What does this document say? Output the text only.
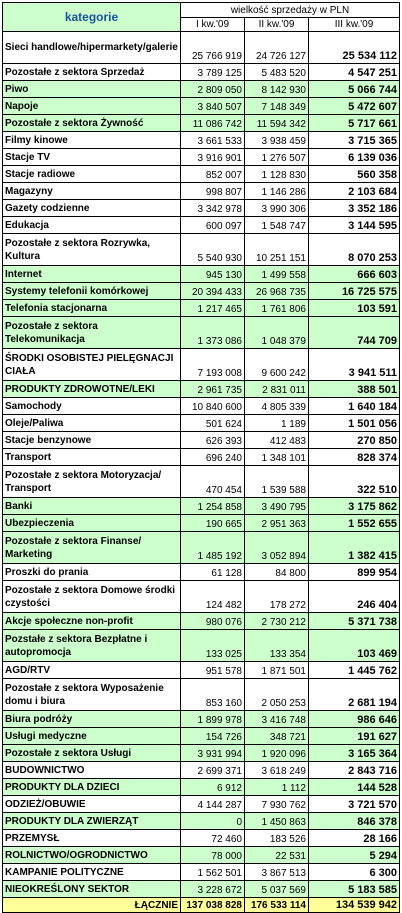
kategorie	wielkość sprzedaży w PLN		
	I kw.'09	II kw.'09	III kw.'09
Sieci handlowe/hipermarkety/galerie	25 766 919	24 726 127	25 534 112
Pozostałe z sektora Sprzedaż	3 789 125	5 483 520	4 547 251
Piwo	2 809 050	8 142 930	5 066 744
Napoje	3 840 507	7 148 349	5 472 607
Pozostałe z sektora Żywność	11 086 742	11 594 342	5 717 661
Filmy kinowe	3 661 533	3 938 459	3 715 365
Stacje TV	3 916 901	1 276 507	6 139 036
Stacje radiowe	852 007	1 128 830	560 358
Magazyny	998 807	1 146 286	2 103 684
Gazety codzienne	3 342 978	3 990 306	3 352 186
Edukacja	600 097	1 548 747	3 144 595
Pozostałe z sektora Rozrywka, Kultura	5 540 930	10 251 151	8 070 253
Internet	945 130	1 499 558	666 603
Systemy telefonii komórkowej	20 394 433	26 968 735	16 725 575
Telefonia stacjonarna	1 217 465	1 761 806	103 591
Pozostałe z sektora Telekomunikacja	1 373 086	1 048 379	744 709
ŚRODKI OSOBISTEJ PIELĘGNACJI CIAŁA	7 193 008	9 600 242	3 941 511
PRODUKTY ZDROWOTNE/LEKI	2 961 735	2 831 011	388 501
Samochody	10 840 600	4 805 339	1 640 184
Oleje/Paliwa	501 624	1 189	1 501 056
Stacje benzynowe	626 393	412 483	270 850
Transport	696 240	1 348 101	828 374
Pozostałe z sektora Motoryzacja/ Transport	470 454	1 539 588	322 510
Banki	1 254 858	3 490 795	3 175 862
Ubezpieczenia	190 665	2 951 363	1 552 655
Pozostałe z sektora Finanse/ Marketing	1 485 192	3 052 894	1 382 415
Proszki do prania	61 128	84 800	899 954
Pozostałe z sektora Domowe środki czystości	124 482	178 272	246 404
Akcje społeczne non-profit	980 076	2 730 212	5 371 738
Pozstałe z sektora Bezpłatne i autopromocja	133 025	133 354	103 469
AGD/RTV	951 578	1 871 501	1 445 762
Pozostałe z sektora Wyposażenie domu i biura	853 160	2 050 253	2 681 194
Biura podróży	1 899 978	3 416 748	986 646
Usługi medyczne	154 726	348 721	191 627
Pozostałe z sektora Usługi	3 931 994	1 920 096	3 165 364
BUDOWNICTWO	2 699 371	3 618 249	2 843 716
PRODUKTY DLA DZIECI	6 912	1 112	144 528
ODZIEŻ/OBUWIE	4 144 287	7 930 762	3 721 570
PRODUKTY DLA ZWIERZĄT	0	1 450 863	846 378
PRZEMYSŁ	72 460	183 526	28 166
ROLNICTWO/OGRODNICTWO	78 000	22 531	5 294
KAMPANIE POLITYCZNE	1 562 501	3 867 513	6 300
NIEOKREŚLONY SEKTOR	3 228 672	5 037 569	5 183 585
ŁĄCZNIE	137 038 828	176 533 114	134 539 942
